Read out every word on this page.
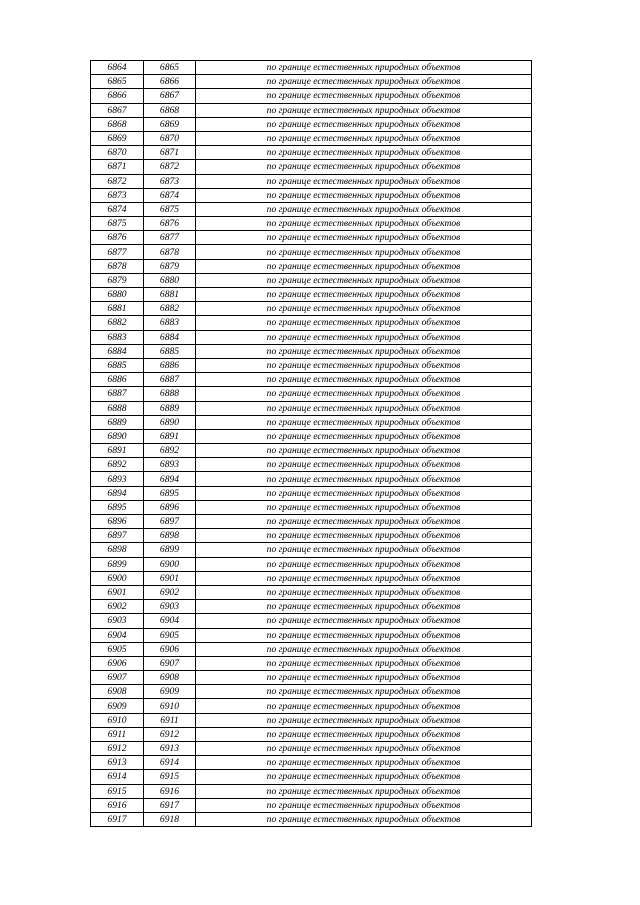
6864	6865	по границе естественных природных объектов
6865	6866	по границе естественных природных объектов
6866	6867	по границе естественных природных объектов
6867	6868	по границе естественных природных объектов
6868	6869	по границе естественных природных объектов
6869	6870	по границе естественных природных объектов
6870	6871	по границе естественных природных объектов
6871	6872	по границе естественных природных объектов
6872	6873	по границе естественных природных объектов
6873	6874	по границе естественных природных объектов
6874	6875	по границе естественных природных объектов
6875	6876	по границе естественных природных объектов
6876	6877	по границе естественных природных объектов
6877	6878	по границе естественных природных объектов
6878	6879	по границе естественных природных объектов
6879	6880	по границе естественных природных объектов
6880	6881	по границе естественных природных объектов
6881	6882	по границе естественных природных объектов
6882	6883	по границе естественных природных объектов
6883	6884	по границе естественных природных объектов
6884	6885	по границе естественных природных объектов
6885	6886	по границе естественных природных объектов
6886	6887	по границе естественных природных объектов
6887	6888	по границе естественных природных объектов
6888	6889	по границе естественных природных объектов
6889	6890	по границе естественных природных объектов
6890	6891	по границе естественных природных объектов
6891	6892	по границе естественных природных объектов
6892	6893	по границе естественных природных объектов
6893	6894	по границе естественных природных объектов
6894	6895	по границе естественных природных объектов
6895	6896	по границе естественных природных объектов
6896	6897	по границе естественных природных объектов
6897	6898	по границе естественных природных объектов
6898	6899	по границе естественных природных объектов
6899	6900	по границе естественных природных объектов
6900	6901	по границе естественных природных объектов
6901	6902	по границе естественных природных объектов
6902	6903	по границе естественных природных объектов
6903	6904	по границе естественных природных объектов
6904	6905	по границе естественных природных объектов
6905	6906	по границе естественных природных объектов
6906	6907	по границе естественных природных объектов
6907	6908	по границе естественных природных объектов
6908	6909	по границе естественных природных объектов
6909	6910	по границе естественных природных объектов
6910	6911	по границе естественных природных объектов
6911	6912	по границе естественных природных объектов
6912	6913	по границе естественных природных объектов
6913	6914	по границе естественных природных объектов
6914	6915	по границе естественных природных объектов
6915	6916	по границе естественных природных объектов
6916	6917	по границе естественных природных объектов
6917	6918	по границе естественных природных объектов
